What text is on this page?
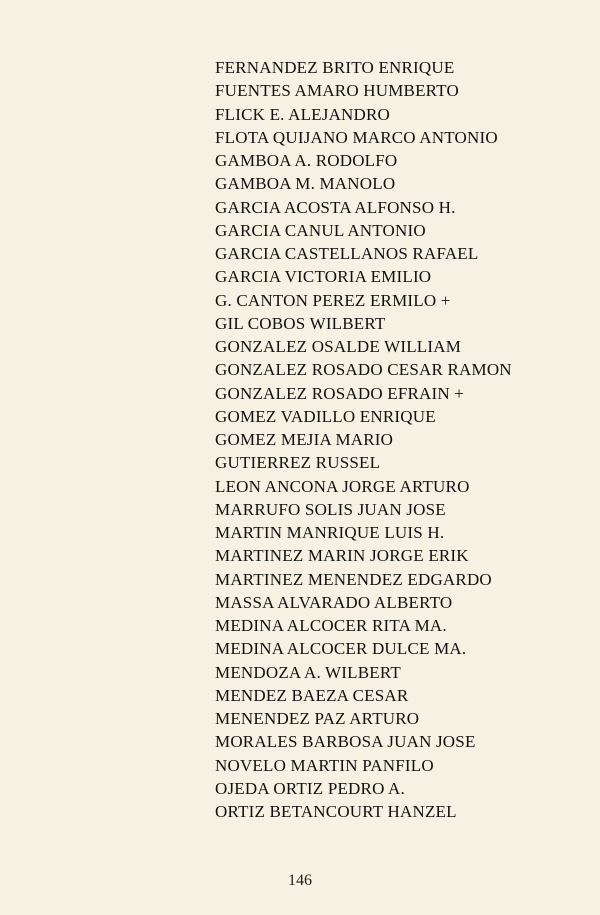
FERNANDEZ BRITO ENRIQUE
FUENTES AMARO HUMBERTO
FLICK E. ALEJANDRO
FLOTA QUIJANO MARCO ANTONIO
GAMBOA A. RODOLFO
GAMBOA M. MANOLO
GARCIA ACOSTA ALFONSO H.
GARCIA CANUL ANTONIO
GARCIA CASTELLANOS RAFAEL
GARCIA VICTORIA EMILIO
G. CANTON PEREZ ERMILO +
GIL COBOS WILBERT
GONZALEZ OSALDE WILLIAM
GONZALEZ ROSADO CESAR RAMON
GONZALEZ ROSADO EFRAIN +
GOMEZ VADILLO ENRIQUE
GOMEZ MEJIA MARIO
GUTIERREZ RUSSEL
LEON ANCONA JORGE ARTURO
MARRUFO SOLIS JUAN JOSE
MARTIN MANRIQUE LUIS H.
MARTINEZ MARIN JORGE ERIK
MARTINEZ MENENDEZ EDGARDO
MASSA ALVARADO ALBERTO
MEDINA ALCOCER RITA MA.
MEDINA ALCOCER DULCE MA.
MENDOZA A. WILBERT
MENDEZ BAEZA CESAR
MENENDEZ PAZ ARTURO
MORALES BARBOSA JUAN JOSE
NOVELO MARTIN PANFILO
OJEDA ORTIZ PEDRO A.
ORTIZ BETANCOURT HANZEL
146
